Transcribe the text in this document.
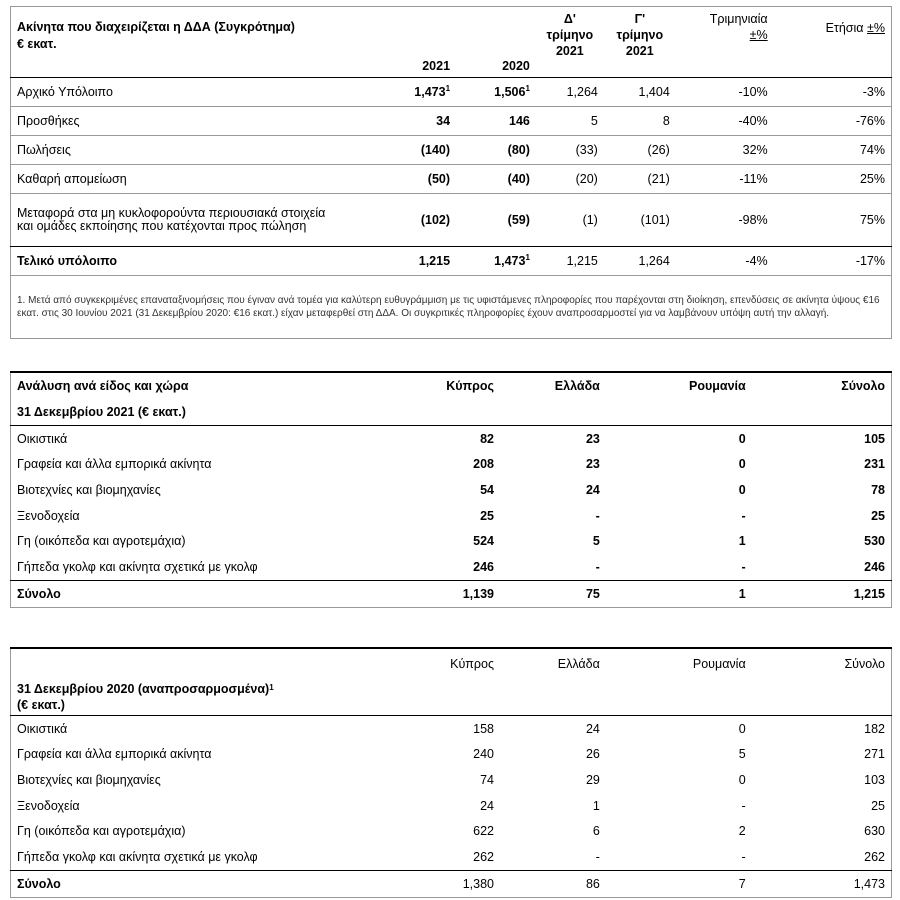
Ακίνητα που διαχειρίζεται η ΔΔΑ (Συγκρότημα)
€ εκατ.	2021	2020	Δ'
τρίμηνο
2021	Γ'
τρίμηνο
2021	Τριμηνιαία
±%	Ετήσια ±%
Αρχικό Υπόλοιπο	1,473$^1$	1,506$^1$	1,264	1,404	-10%	-3%
Προσθήκες	34	146	5	8	-40%	-76%
Πωλήσεις	(140)	(80)	(33)	(26)	32%	74%
Καθαρή απομείωση	(50)	(40)	(20)	(21)	-11%	25%
Μεταφορά στα μη κυκλοφορούντα περιουσιακά στοιχεία και ομάδες εκποίησης που κατέχονται προς πώληση	(102)	(59)	(1)	(101)	-98%	75%
Τελικό υπόλοιπο	1,215	1,473$^1$	1,215	1,264	-4%	-17%
1. Μετά από συγκεκριμένες επαναταξινομήσεις που έγιναν ανά τομέα για καλύτερη ευθυγράμμιση με τις υφιστάμενες πληροφορίες που παρέχονται στη διοίκηση, επενδύσεις σε ακίνητα ύψους €16 εκατ. στις 30 Ιουνίου 2021 (31 Δεκεμβρίου 2020: €16 εκατ.) είχαν μεταφερθεί στη ΔΔΑ. Οι συγκριτικές πληροφορίες έχουν αναπροσαρμοστεί για να λαμβάνουν υπόψη αυτή την αλλαγή.						
Ανάλυση ανά είδος και χώρα	Κύπρος	Ελλάδα	Ρουμανία	Σύνολο
31 Δεκεμβρίου 2021 (€ εκατ.)				
Οικιστικά	82	23	0	105
Γραφεία και άλλα εμπορικά ακίνητα	208	23	0	231
Βιοτεχνίες και βιομηχανίες	54	24	0	78
Ξενοδοχεία	25	-	-	25
Γη (οικόπεδα και αγροτεμάχια)	524	5	1	530
Γήπεδα γκολφ και ακίνητα σχετικά με γκολφ	246	-	-	246
Σύνολο	1,139	75	1	1,215
	Κύπρος	Ελλάδα	Ρουμανία	Σύνολο
31 Δεκεμβρίου 2020 $(\alpha\nu\alpha\pi\rho o\sigma\alpha\rho\mu o\sigma\mu έ\nu\alpha)^1$
(€ εκατ.)				
Οικιστικά	158	24	0	182
Γραφεία και άλλα εμπορικά ακίνητα	240	26	5	271
Βιοτεχνίες και βιομηχανίες	74	29	0	103
Ξενοδοχεία	24	1	-	25
Γη (οικόπεδα και αγροτεμάχια)	622	6	2	630
Γήπεδα γκολφ και ακίνητα σχετικά με γκολφ	262	-	-	262
Σύνολο	1,380	86	7	1,473
